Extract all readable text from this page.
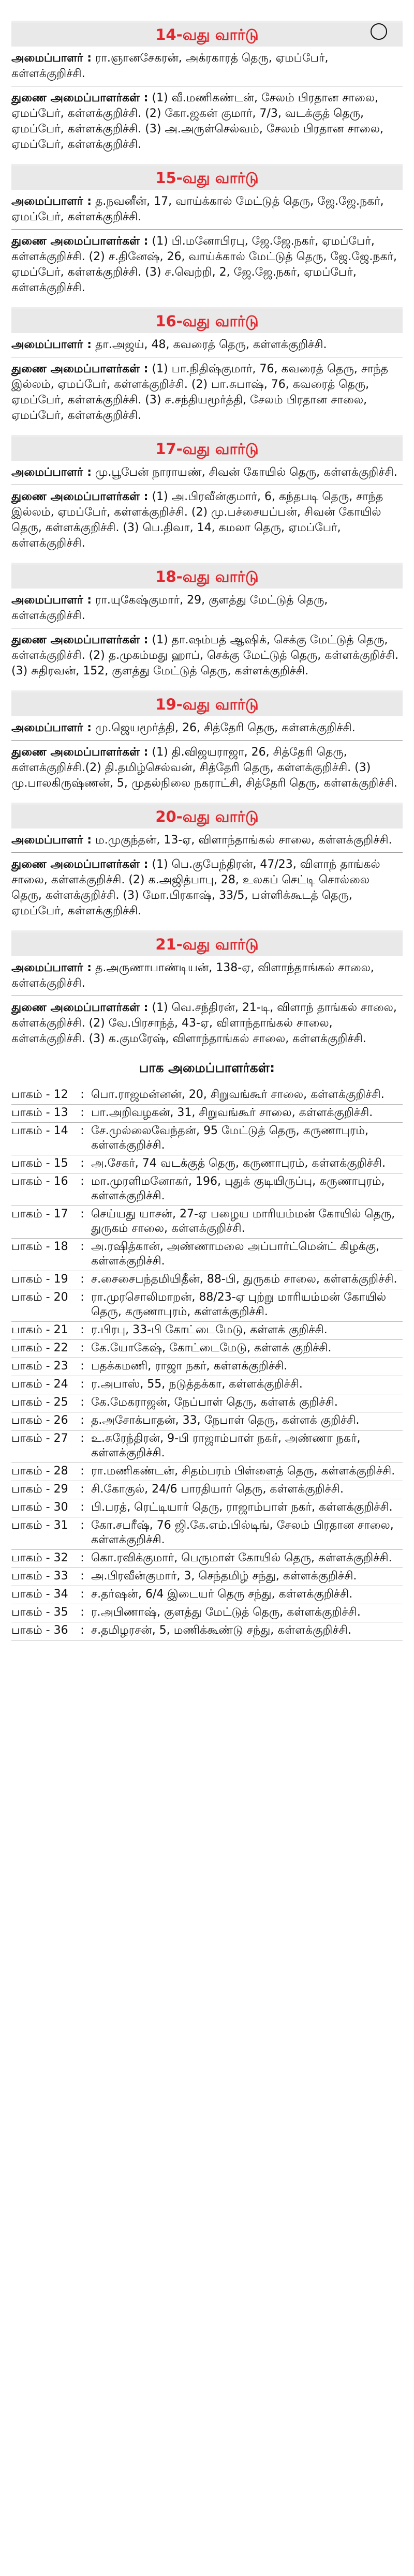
14-வது வார்டு

அமைப்பாளர் : ரா.ஞானசேகரன், அக்ரகாரத் தெரு, ஏமப்பேர், கள்ளக்குறிச்சி.

துணை அமைப்பாளர்கள் : (1) வீ.மணிகண்டன், சேலம் பிரதான சாலை, ஏமப்பேர், கள்ளக்குறிச்சி. (2) கோ.ஜகன் குமார், 7/3, வடக்குத் தெரு, ஏமப்பேர், கள்ளக்குறிச்சி. (3) அ.அருள்செல்வம், சேலம் பிரதான சாலை, ஏமப்பேர், கள்ளக்குறிச்சி.

15-வது வார்டு

அமைப்பாளர் : த.நவனீன், 17, வாய்க்கால் மேட்டுத் தெரு, ஜே.ஜே.நகர், ஏமப்பேர், கள்ளக்குறிச்சி.

துணை அமைப்பாளர்கள் : (1) பி.மனோபிரபு, ஜே.ஜே.நகர், ஏமப்பேர், கள்ளக்குறிச்சி. (2) ச.தினேஷ், 26, வாய்க்கால் மேட்டுத் தெரு, ஜே.ஜே.நகர், ஏமப்பேர், கள்ளக்குறிச்சி. (3) ச.வெற்றி, 2, ஜே.ஜே.நகர், ஏமப்பேர், கள்ளக்குறிச்சி.

16-வது வார்டு

அமைப்பாளர் : தா.அஜய், 48, கவரைத் தெரு, கள்ளக்குறிச்சி.

துணை அமைப்பாளர்கள் : (1) பா.நிதிஷ்குமார், 76, கவரைத் தெரு, சாந்த இல்லம், ஏமப்பேர், கள்ளக்குறிச்சி. (2) பா.சுபாஷ், 76, கவரைத் தெரு, ஏமப்பேர், கள்ளக்குறிச்சி. (3) ச.சந்தியமூர்த்தி, சேலம் பிரதான சாலை, ஏமப்பேர், கள்ளக்குறிச்சி.

17-வது வார்டு

அமைப்பாளர் : மு.பூபேன் நாராயண், சிவன் கோயில் தெரு, கள்ளக்குறிச்சி.

துணை அமைப்பாளர்கள் : (1) அ.பிரவீன்குமார், 6, கந்தபடி தெரு, சாந்த இல்லம், ஏமப்பேர், கள்ளக்குறிச்சி. (2) மு.பச்சையப்பன், சிவன் கோயில் தெரு, கள்ளக்குறிச்சி. (3) பெ.திவா, 14, கமலா தெரு, ஏமப்பேர், கள்ளக்குறிச்சி.

18-வது வார்டு

அமைப்பாளர் : ரா.யுகேஷ்குமார், 29, குளத்து மேட்டுத் தெரு, கள்ளக்குறிச்சி.

துணை அமைப்பாளர்கள் : (1) தா.ஷம்பத் ஆஷிக், செக்கு மேட்டுத் தெரு, கள்ளக்குறிச்சி. (2) த.முகம்மது ஹாப், செக்கு மேட்டுத் தெரு, கள்ளக்குறிச்சி. (3) சுதிரவன், 152, குளத்து மேட்டுத் தெரு, கள்ளக்குறிச்சி.

19-வது வார்டு

அமைப்பாளர் : மு.ஜெயமூர்த்தி, 26, சித்தேரி தெரு, கள்ளக்குறிச்சி.

துணை அமைப்பாளர்கள் : (1) தி.விஜயராஜா, 26, சித்தேரி தெரு, கள்ளக்குறிச்சி.(2) தி.தமிழ்செல்வன், சித்தேரி தெரு, கள்ளக்குறிச்சி. (3) மு.பாலகிருஷ்ணன், 5, முதல்நிலை நகராட்சி, சித்தேரி தெரு, கள்ளக்குறிச்சி.

20-வது வார்டு

அமைப்பாளர் : ம.முகுந்தன், 13-ஏ, விளாந்தாங்கல் சாலை, கள்ளக்குறிச்சி.

துணை அமைப்பாளர்கள் : (1) பெ.குபேந்திரன், 47/23, விளாந் தாங்கல் சாலை, கள்ளக்குறிச்சி. (2) க.அஜித்பாபு, 28, உலகப் செட்டி சொல்லை தெரு, கள்ளக்குறிச்சி. (3) மோ.பிரகாஷ், 33/5, பள்ளிக்கூடத் தெரு, ஏமப்பேர், கள்ளக்குறிச்சி.

21-வது வார்டு

அமைப்பாளர் : த.அருணாபாண்டியன், 138-ஏ, விளாந்தாங்கல் சாலை, கள்ளக்குறிச்சி.

துணை அமைப்பாளர்கள் : (1) வெ.சந்திரன், 21-டி, விளாந் தாங்கல் சாலை, கள்ளக்குறிச்சி. (2) வே.பிரசாந்த், 43-ஏ, விளாந்தாங்கல் சாலை, கள்ளக்குறிச்சி. (3) க.குமரேஷ், விளாந்தாங்கல் சாலை, கள்ளக்குறிச்சி.

பாக அமைப்பாளர்கள்:
பாகம் - 12	: பொ.ராஜமன்னன், 20, சிறுவங்கூர் சாலை, கள்ளக்குறிச்சி.
பாகம் - 13	: பா.அறிவழகன், 31, சிறுவங்கூர் சாலை, கள்ளக்குறிச்சி.
பாகம் - 14	: சே.முல்லைவேந்தன், 95 மேட்டுத் தெரு, கருணாபுரம், கள்ளக்குறிச்சி.
பாகம் - 15	: அ.சேகர், 74 வடக்குத் தெரு, கருணாபுரம், கள்ளக்குறிச்சி.
பாகம் - 16	: மா.முரளிமனோகர், 196, புதுக் குடியிருப்பு, கருணாபுரம், கள்ளக்குறிச்சி.
பாகம் - 17	: செய்யது யாசன், 27-ஏ பழைய மாரியம்மன் கோயில் தெரு, துருகம் சாலை, கள்ளக்குறிச்சி.
பாகம் - 18	: அ.ரஷித்கான், அண்ணாமலை அப்பார்ட்மென்ட் கிழக்கு, கள்ளக்குறிச்சி.
பாகம் - 19	: ச.சைசைபந்தமியிதீன், 88-பி, துருகம் சாலை, கள்ளக்குறிச்சி.
பாகம் - 20	: ரா.முரசொலிமாறன், 88/23-ஏ புற்று மாரியம்மன் கோயில் தெரு, கருணாபுரம், கள்ளக்குறிச்சி.
பாகம் - 21	: ர.பிரபு, 33-பி கோட்டைமேடு, கள்ளக் குறிச்சி.
பாகம் - 22	: கே.யோகேஷ், கோட்டைமேடு, கள்ளக் குறிச்சி.
பாகம் - 23	: பதக்கமணி, ராஜா நகர், கள்ளக்குறிச்சி.
பாகம் - 24	: ர.அபாஸ், 55, நடுத்தக்கா, கள்ளக்குறிச்சி.
பாகம் - 25	: கே.மேகராஜன், நேப்பாள் தெரு, கள்ளக் குறிச்சி.
பாகம் - 26	: த.அசோக்பாதன், 33, நேபாள் தெரு, கள்ளக் குறிச்சி.
பாகம் - 27	: உ.சுரேந்திரன், 9-பி ராஜாம்பாள் நகர், அண்ணா நகர், கள்ளக்குறிச்சி.
பாகம் - 28	: ரா.மணிகண்டன், சிதம்பரம் பிள்ளைத் தெரு, கள்ளக்குறிச்சி.
பாகம் - 29	: சி.கோகுல், 24/6 பாரதியார் தெரு, கள்ளக்குறிச்சி.
பாகம் - 30	: பி.பரத், ரெட்டியார் தெரு, ராஜாம்பாள் நகர், கள்ளக்குறிச்சி.
பாகம் - 31	: கோ.சபரீஷ், 76 ஜி.கே.எம்.பில்டிங், சேலம் பிரதான சாலை, கள்ளக்குறிச்சி.
பாகம் - 32	: கொ.ரவிக்குமார், பெருமாள் கோயில் தெரு, கள்ளக்குறிச்சி.
பாகம் - 33	: அ.பிரவீன்குமார், 3, செந்தமிழ் சந்து, கள்ளக்குறிச்சி.
பாகம் - 34	: ச.தர்ஷன், 6/4 இடையர் தெரு சந்து, கள்ளக்குறிச்சி.
பாகம் - 35	: ர.அபிணாஷ், குளத்து மேட்டுத் தெரு, கள்ளக்குறிச்சி.
பாகம் - 36	: ச.தமிழரசன், 5, மணிக்கூண்டு சந்து, கள்ளக்குறிச்சி.
